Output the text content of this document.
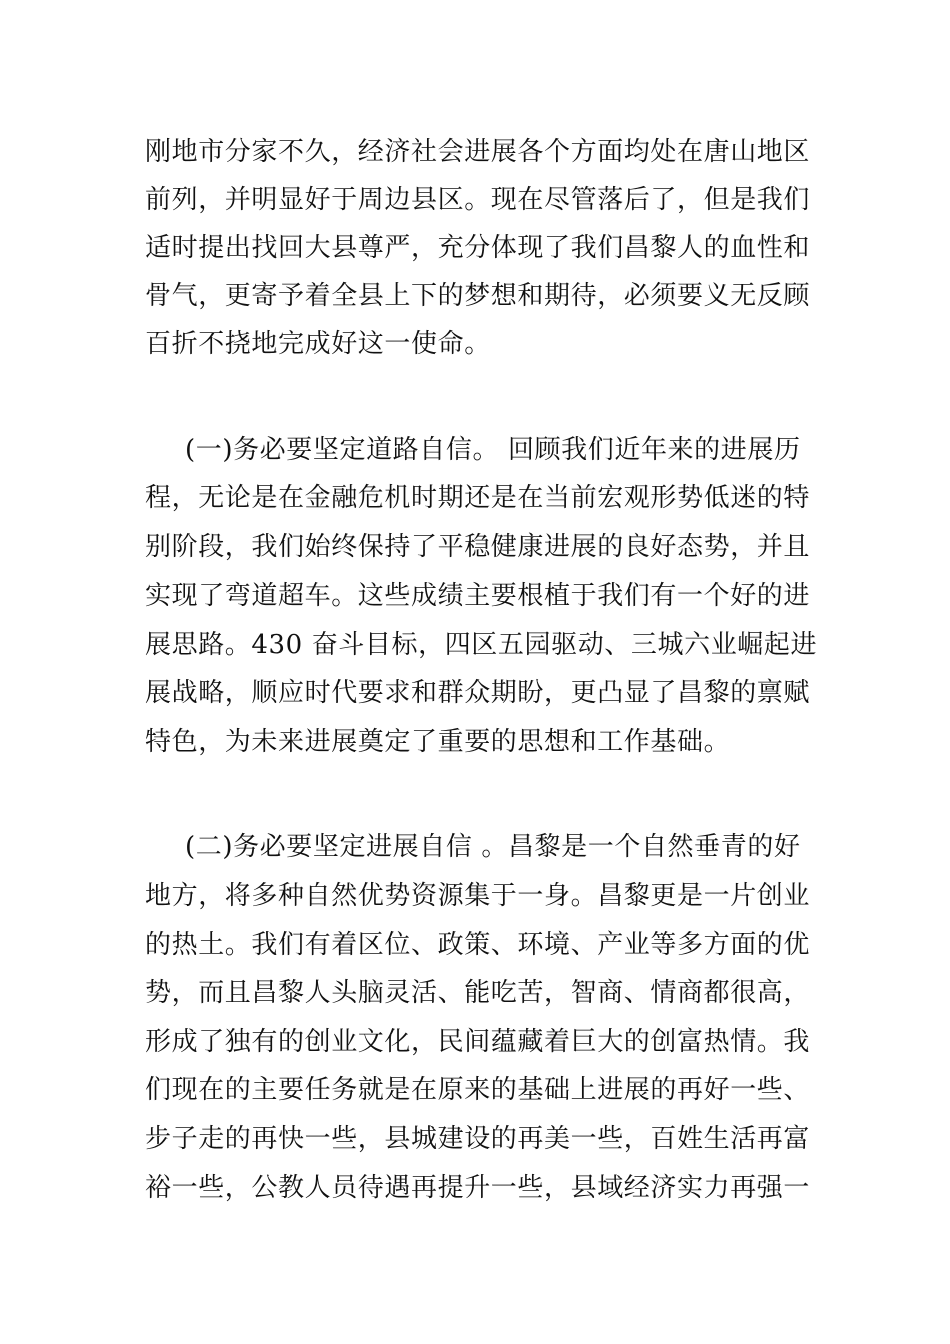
刚地市分家不久，经济社会进展各个方面均处在唐山地区
前列，并明显好于周边县区。现在尽管落后了，但是我们
适时提出找回大县尊严，充分体现了我们昌黎人的血性和
骨气，更寄予着全县上下的梦想和期待，必须要义无反顾
百折不挠地完成好这一使命。
(一)务必要坚定道路自信。 回顾我们近年来的进展历
程，无论是在金融危机时期还是在当前宏观形势低迷的特
别阶段，我们始终保持了平稳健康进展的良好态势，并且
实现了弯道超车。这些成绩主要根植于我们有一个好的进
展思路。430 奋斗目标，四区五园驱动、三城六业崛起进
展战略，顺应时代要求和群众期盼，更凸显了昌黎的禀赋
特色，为未来进展奠定了重要的思想和工作基础。
(二)务必要坚定进展自信 。昌黎是一个自然垂青的好
地方，将多种自然优势资源集于一身。昌黎更是一片创业
的热土。我们有着区位、政策、环境、产业等多方面的优
势，而且昌黎人头脑灵活、能吃苦，智商、情商都很高，
形成了独有的创业文化，民间蕴藏着巨大的创富热情。我
们现在的主要任务就是在原来的基础上进展的再好一些、
步子走的再快一些，县城建设的再美一些，百姓生活再富
裕一些，公教人员待遇再提升一些，县域经济实力再强一
